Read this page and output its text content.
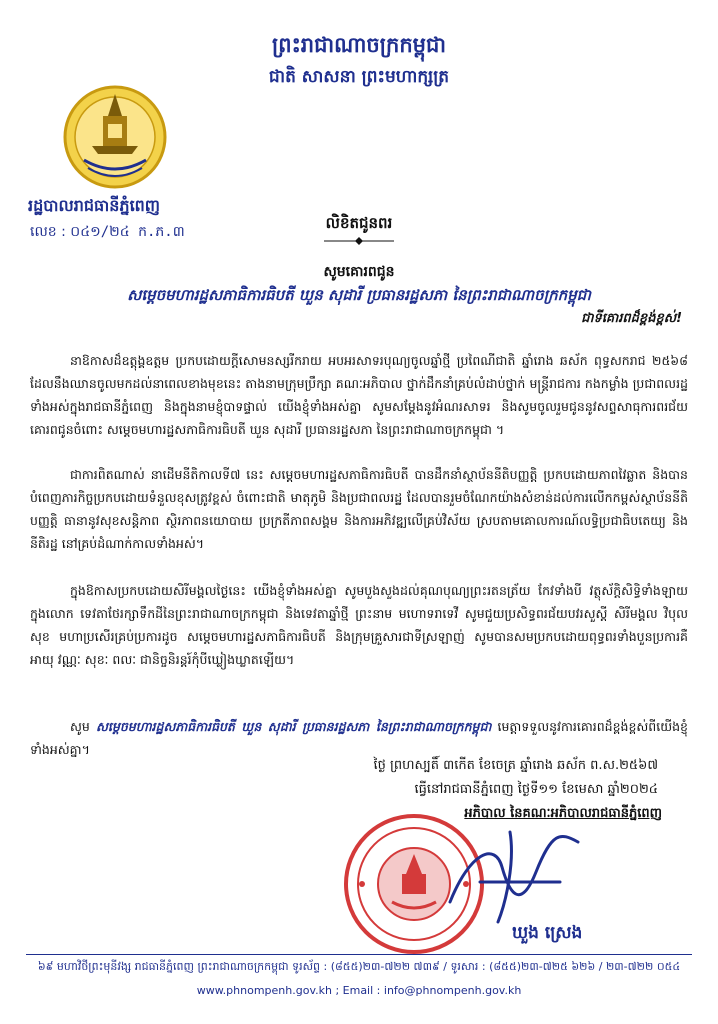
ព្រះរាជាណាចក្រកម្ពុជា
ជាតិ សាសនា ព្រះមហាក្សត្រ
រដ្ឋបាលរាជធានីភ្នំពេញ
លេខ : ០៤១/២៤ ក.ភ.៣	លិខិតជូនពរ
សូមគោរពជូន
សម្តេចមហារដ្ឋសភាធិការធិបតី ឃួន សុដារី ប្រធានរដ្ឋសភា នៃព្រះរាជាណាចក្រកម្ពុជា
ជាទីគោរពដ៏ខ្ពង់ខ្ពស់!

នាឱកាសដ៏ឧត្តុង្គឧត្តម ប្រកបដោយក្តីសោមនស្សរីករាយ អបអរសាទរបុណ្យចូលឆ្នាំថ្មី ប្រពៃណីជាតិ ឆ្នាំរោង ឆស័ក ពុទ្ធសករាជ ២៥៦៨ ដែលនឹងឈានចូលមកដល់នាពេលខាងមុខនេះ តាងនាមក្រុមប្រឹក្សា គណៈអភិបាល ថ្នាក់ដឹកនាំគ្រប់លំដាប់ថ្នាក់ មន្ត្រីរាជការ កងកម្លាំង ប្រជាពលរដ្ឋទាំងអស់ក្នុងរាជធានីភ្នំពេញ និងក្នុងនាមខ្ញុំបាទផ្ទាល់ យើងខ្ញុំទាំងអស់គ្នា សូមសម្តែងនូវអំណរសាទរ និងសូមចូលរួមជូននូវសព្ទសាធុការពរជ័យ គោរពជូនចំពោះ សម្តេចមហារដ្ឋសភាធិការធិបតី ឃួន សុដារី ប្រធានរដ្ឋសភា នៃព្រះរាជាណាចក្រកម្ពុជា ។

ជាការពិតណាស់ នាដើមនីតិកាលទី៧ នេះ សម្តេចមហារដ្ឋសភាធិការធិបតី បានដឹកនាំស្ថាប័ននីតិបញ្ញត្តិ ប្រកបដោយភាពវៃឆ្លាត និងបានបំពេញភារកិច្ចប្រកបដោយទំនួលខុសត្រូវខ្ពស់ ចំពោះជាតិ មាតុភូមិ និងប្រជាពលរដ្ឋ ដែលបានរួមចំណែកយ៉ាងសំខាន់ដល់ការលើកកម្ពស់ស្ថាប័ននីតិបញ្ញត្តិ ធានានូវសុខសន្តិភាព ស្ថិរភាពនយោបាយ ប្រក្រតីភាពសង្គម និងការអភិវឌ្ឍលើគ្រប់វិស័យ ស្របតាមគោលការណ៍លទ្ធិប្រជាធិបតេយ្យ និងនីតិរដ្ឋ នៅគ្រប់ដំណាក់កាលទាំងអស់។

ក្នុងឱកាសប្រកបដោយសិរីមង្គលថ្ងៃនេះ យើងខ្ញុំទាំងអស់គ្នា សូមបួងសួងដល់គុណបុណ្យព្រះរតនត្រ័យ កែវទាំងបី វត្ថុស័ក្តិសិទ្ធិទាំងឡាយក្នុងលោក ទេវតាថែរក្សាទឹកដីនៃព្រះរាជាណាចក្រកម្ពុជា និងទេវតាឆ្នាំថ្មី ព្រះនាម មហោទរាទេវី សូមជួយប្រសិទ្ធពរជ័យបវរសួស្តី សិរីមង្គល វិបុលសុខ មហាប្រសើរគ្រប់ប្រការដូច សម្តេចមហារដ្ឋសភាធិការធិបតី និងក្រុមគ្រួសារជាទីស្រឡាញ់ សូមបានសមប្រកបដោយពុទ្ធពរទាំងបួនប្រការគឺ អាយុ វណ្ណៈ សុខៈ ពលៈ ជានិច្ចនិរន្តរ៍កុំបីឃ្លៀងឃ្លាតឡើយ។

សូម សម្តេចមហារដ្ឋសភាធិការធិបតី ឃួន សុដារី ប្រធានរដ្ឋសភា នៃព្រះរាជាណាចក្រកម្ពុជា មេត្តាទទួលនូវការគោរពដ៏ខ្ពង់ខ្ពស់ពីយើងខ្ញុំទាំងអស់គ្នា។

ថ្ងៃ ព្រហស្បតិ៍ ៣កើត ខែចេត្រ ឆ្នាំរោង ឆស័ក ព.ស.២៥៦៧
ធ្វើនៅរាជធានីភ្នំពេញ ថ្ងៃទី១១ ខែមេសា ឆ្នាំ២០២៤
អភិបាល នៃគណៈអភិបាលរាជធានីភ្នំពេញ
ឃួង ស្រេង
៦៩ មហាវិថីព្រះមុនីវង្ស រាជធានីភ្នំពេញ ព្រះរាជាណាចក្រកម្ពុជា ទូរស័ព្ទ : (៨៥៥)២៣-៧២២ ៧៣៩ / ទូរសារ : (៨៥៥)២៣-៧២៥ ៦២៦ / ២៣-៧២២ ០៥៤
www.phnompenh.gov.kh ; Email : info@phnompenh.gov.kh
